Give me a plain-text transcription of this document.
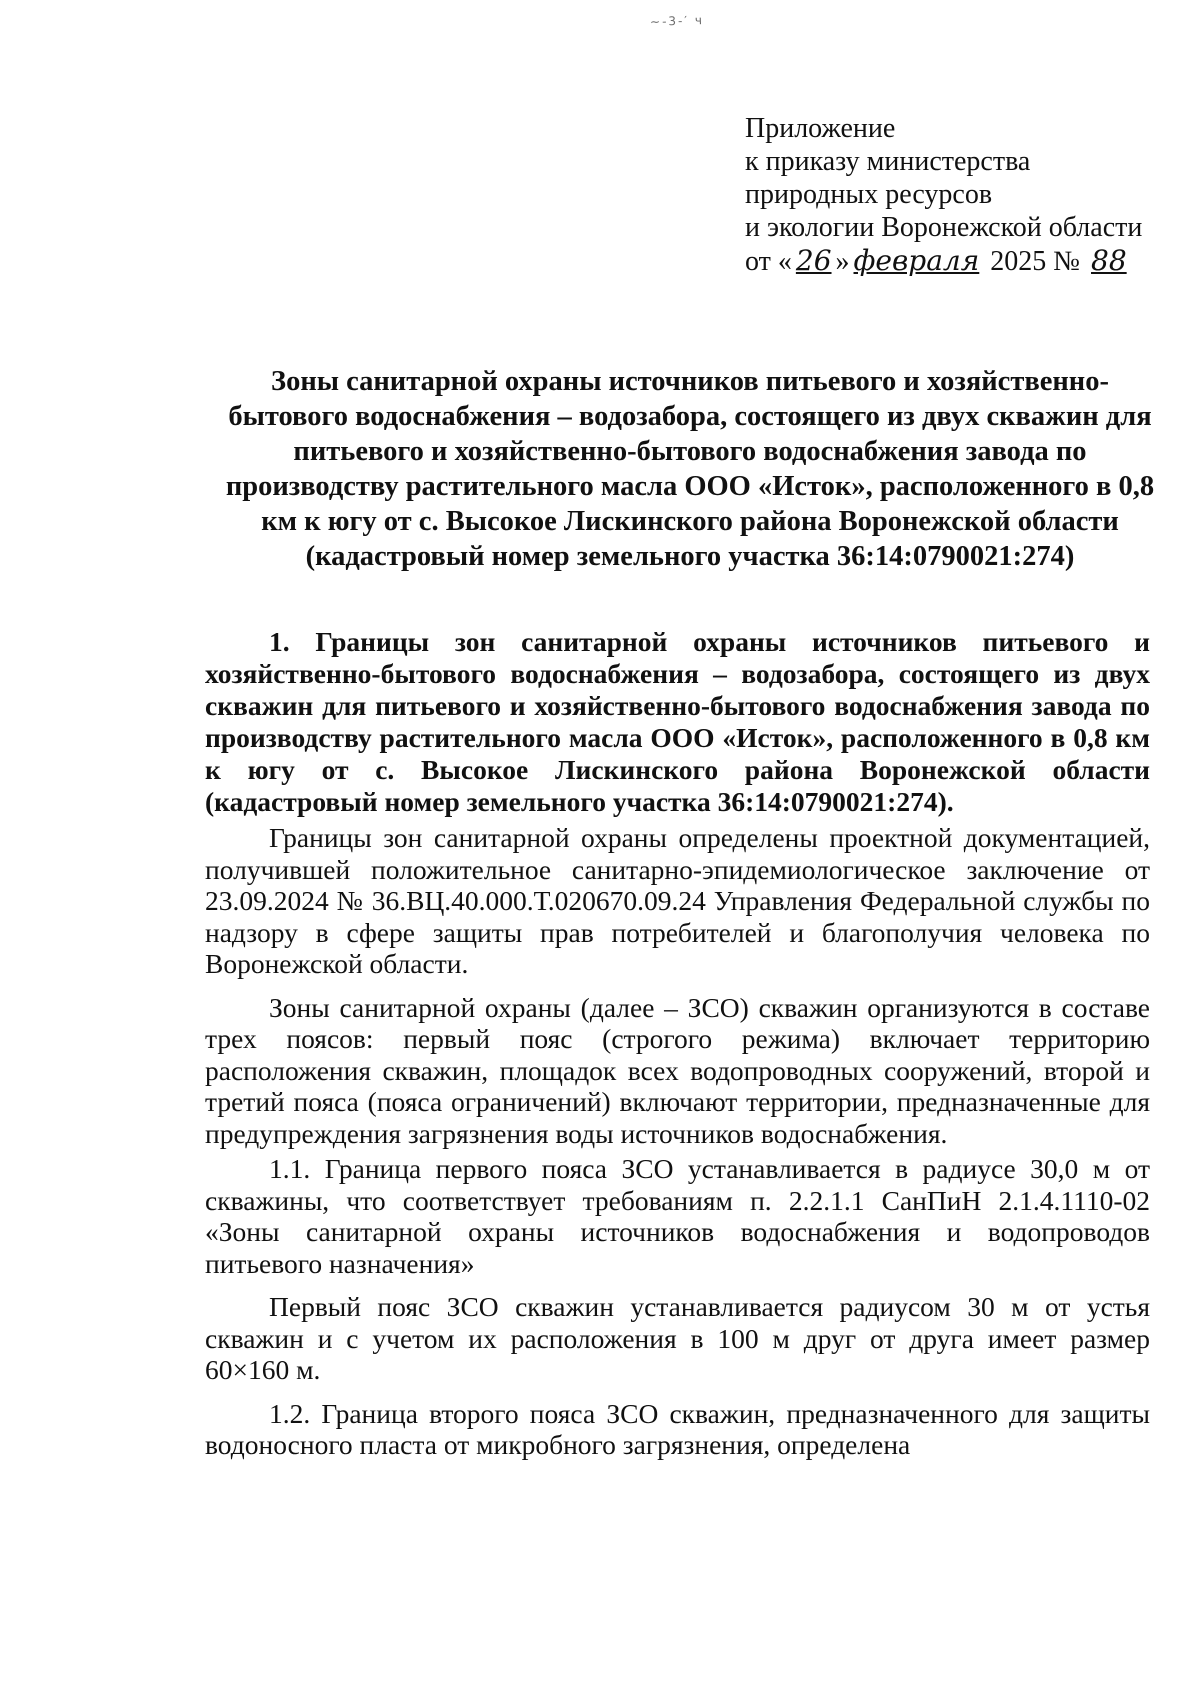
~-3-′ ч
Приложение
к приказу министерства
природных ресурсов
и экологии Воронежской области
от « 26 » февраля 2025 № 88
Зоны санитарной охраны источников питьевого и хозяйственно-
бытового водоснабжения – водозабора, состоящего из двух скважин для
питьевого и хозяйственно-бытового водоснабжения завода по
производству растительного масла ООО «Исток», расположенного в 0,8
км к югу от с. Высокое Лискинского района Воронежской области
(кадастровый номер земельного участка 36:14:0790021:274)

1. Границы зон санитарной охраны источников питьевого и хозяйственно-бытового водоснабжения – водозабора, состоящего из двух скважин для питьевого и хозяйственно-бытового водоснабжения завода по производству растительного масла ООО «Исток», расположенного в 0,8 км к югу от с. Высокое Лискинского района Воронежской области (кадастровый номер земельного участка 36:14:0790021:274).

Границы зон санитарной охраны определены проектной документацией, получившей положительное санитарно-эпидемиологическое заключение от 23.09.2024 № 36.ВЦ.40.000.Т.020670.09.24 Управления Федеральной службы по надзору в сфере защиты прав потребителей и благополучия человека по Воронежской области.

Зоны санитарной охраны (далее – ЗСО) скважин организуются в составе трех поясов: первый пояс (строгого режима) включает территорию расположения скважин, площадок всех водопроводных сооружений, второй и третий пояса (пояса ограничений) включают территории, предназначенные для предупреждения загрязнения воды источников водоснабжения.

1.1. Граница первого пояса ЗСО устанавливается в радиусе 30,0 м от скважины, что соответствует требованиям п. 2.2.1.1 СанПиН 2.1.4.1110-02 «Зоны санитарной охраны источников водоснабжения и водопроводов питьевого назначения»

Первый пояс ЗСО скважин устанавливается радиусом 30 м от устья скважин и с учетом их расположения в 100 м друг от друга имеет размер 60×160 м.

1.2. Граница второго пояса ЗСО скважин, предназначенного для защиты водоносного пласта от микробного загрязнения, определена
